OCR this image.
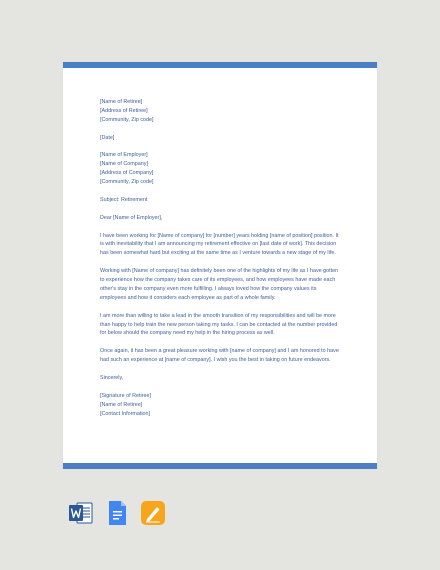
[Name of Retiree]

[Address of Retiree]

[Community, Zip code]

[Date]

[Name of Employer]

[Name of Company]

[Address of Company]

[Community, Zip code]

Subject: Retirement

Dear [Name of Employer],

I have been working for [Name of company] for [number] years holding [name of position] position. It is with inevitability that I am announcing my retirement effective on [last date of work]. This decision has been somewhat hard but exciting at the same time as I venture towards a new stage of my life.

Working with [Name of company] has definitely been one of the highlights of my life as I have gotten to experience how the company takes care of its employees, and how employees have made each other's stay in the company even more fulfilling. I always loved how the company values its employees and how it considers each employee as part of a whole family.

I am more than willing to take a lead in the smooth transition of my responsibilities and will be more than happy to help train the new person taking my tasks. I can be contacted at the number provided for below should the company need my help in the hiring process as well.

Once again, it has been a great pleasure working with [name of company] and I am honored to have had such an experience at [name of company]. I wish you the best in taking on future endeavors.

Sincerely,

[Signature of Retiree]

[Name of Retiree]

[Contact Information]
